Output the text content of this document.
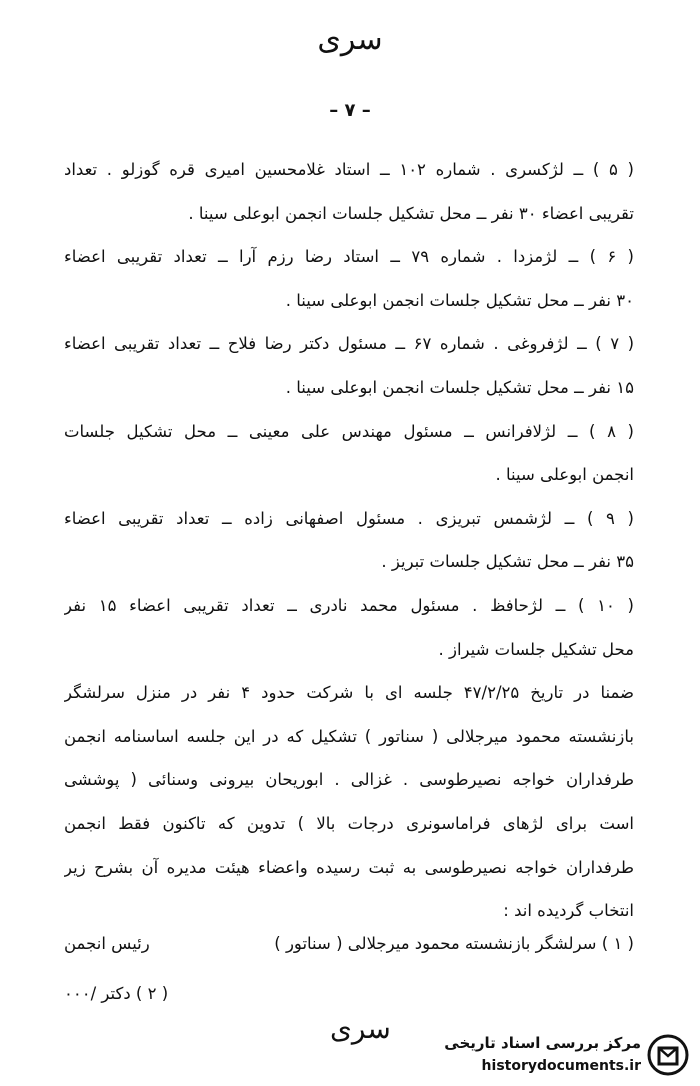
سرى
– ۷ –
( ۵ ) ــ لژکسری . شماره ۱۰۲ ــ استاد غلامحسین امیری قره گوزلو . تعداد
تقریبی اعضاء ۳۰ نفر ــ محل تشکیل جلسات انجمن ابوعلی سینا .
( ۶ ) ــ لژمزدا . شماره ۷۹ ــ استاد رضا رزم آرا ــ تعداد تقریبی اعضاء
۳۰ نفر ــ محل تشکیل جلسات انجمن ابوعلی سینا .
( ۷ ) ــ لژفروغی . شماره ۶۷ ــ مسئول دکتر رضا فلاح ــ تعداد تقریبی اعضاء
۱۵ نفر ــ محل تشکیل جلسات انجمن ابوعلی سینا .
( ۸ ) ــ لژلافرانس ــ مسئول مهندس علی معینی ــ محل تشکیل جلسات
انجمن ابوعلی سینا .
( ۹ ) ــ لژشمس تبریزی . مسئول اصفهانی زاده ــ تعداد تقریبی اعضاء
۳۵ نفر ــ محل تشکیل جلسات تبریز .
( ۱۰ ) ــ لژحافظ . مسئول محمد نادری ــ تعداد تقریبی اعضاء ۱۵ نفر
محل تشکیل جلسات شیراز .
ضمنا در تاریخ ۴۷/۲/۲۵ جلسه ای با شرکت حدود ۴ نفر در منزل سرلشگر
بازنشسته محمود میرجلالی ( سناتور ) تشکیل که در این جلسه اساسنامه انجمن
طرفداران خواجه نصیرطوسی . غزالی . ابوریحان بیرونی وسنائی ( پوششی
است برای لژهای فراماسونری درجات بالا ) تدوین که تاکنون فقط انجمن
طرفداران خواجه نصیرطوسی به ثبت رسیده واعضاء هیئت مدیره آن بشرح زیر
انتخاب گردیده اند :
( ۱ ) سرلشگر بازنشسته محمود میرجلالی ( سناتور )
رئیس انجمن
( ۲ ) دکتر /۰۰۰
سرى	مرکز بررسی اسناد تاریخی
historydocuments.ir
